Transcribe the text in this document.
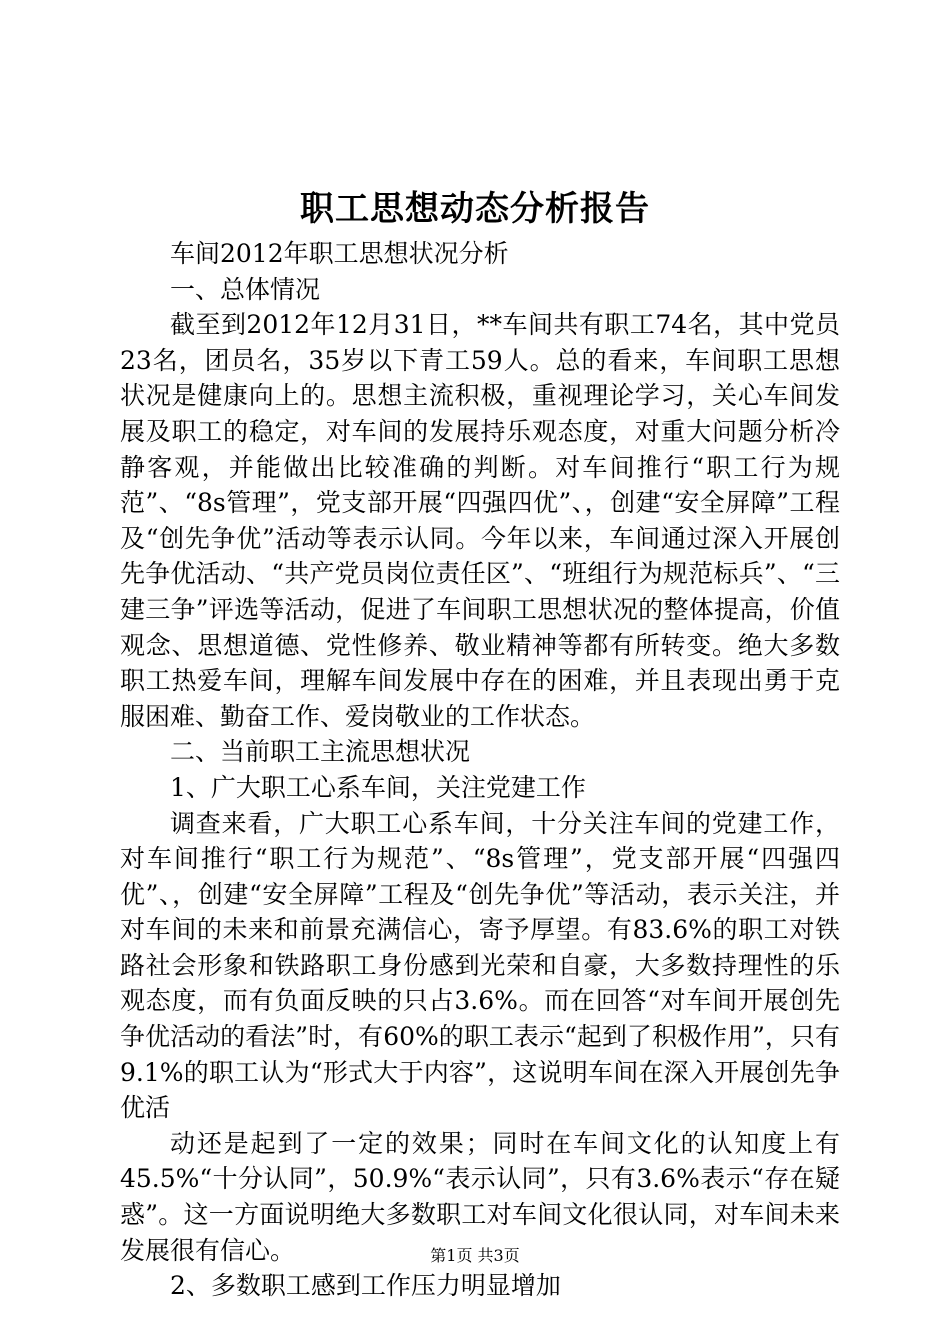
职工思想动态分析报告

车间2012年职工思想状况分析

一、总体情况

截至到2012年12月31日，**车间共有职工74名，其中党员23名，团员名，35岁以下青工59人。总的看来，车间职工思想状况是健康向上的。思想主流积极，重视理论学习，关心车间发展及职工的稳定，对车间的发展持乐观态度，对重大问题分析冷静客观，并能做出比较准确的判断。对车间推行“职工行为规范”、“8s管理”，党支部开展“四强四优”、，创建“安全屏障”工程及“创先争优”活动等表示认同。今年以来，车间通过深入开展创先争优活动、“共产党员岗位责任区”、“班组行为规范标兵”、“三建三争”评选等活动，促进了车间职工思想状况的整体提高，价值观念、思想道德、党性修养、敬业精神等都有所转变。绝大多数职工热爱车间，理解车间发展中存在的困难，并且表现出勇于克服困难、勤奋工作、爱岗敬业的工作状态。

二、当前职工主流思想状况

1、广大职工心系车间，关注党建工作

调查来看，广大职工心系车间，十分关注车间的党建工作，对车间推行“职工行为规范”、“8s管理”，党支部开展“四强四优”、，创建“安全屏障”工程及“创先争优”等活动，表示关注，并对车间的未来和前景充满信心，寄予厚望。有83.6%的职工对铁路社会形象和铁路职工身份感到光荣和自豪，大多数持理性的乐观态度，而有负面反映的只占3.6%。而在回答“对车间开展创先争优活动的看法”时，有60%的职工表示“起到了积极作用”，只有9.1%的职工认为“形式大于内容”，这说明车间在深入开展创先争优活

动还是起到了一定的效果；同时在车间文化的认知度上有45.5%“十分认同”，50.9%“表示认同”，只有3.6%表示“存在疑惑”。这一方面说明绝大多数职工对车间文化很认同，对车间未来发展很有信心。

2、多数职工感到工作压力明显增加

第1页 共3页
